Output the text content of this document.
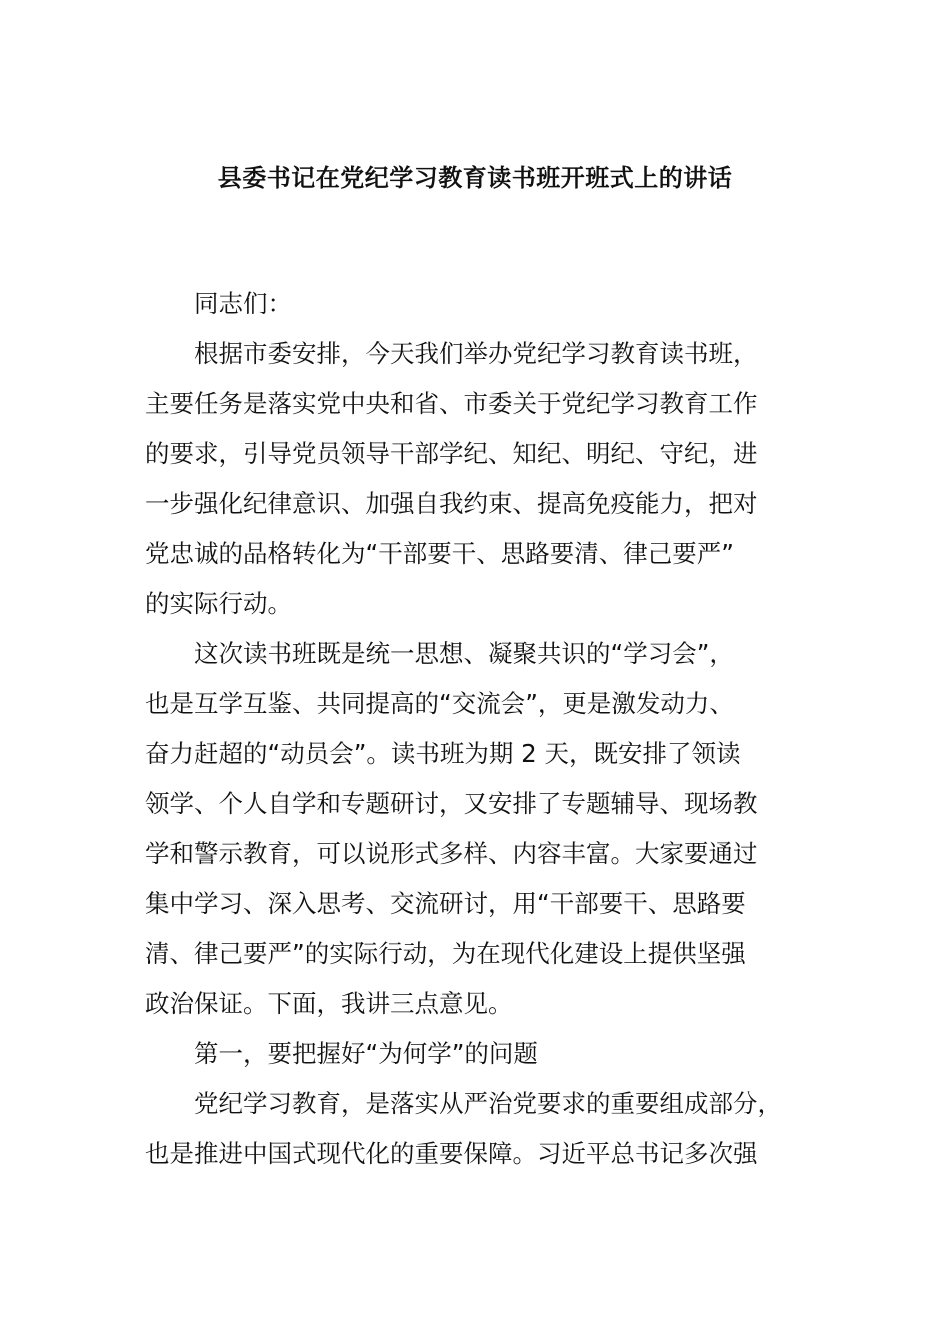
县委书记在党纪学习教育读书班开班式上的讲话
同志们：
根据市委安排，今天我们举办党纪学习教育读书班，
主要任务是落实党中央和省、市委关于党纪学习教育工作
的要求，引导党员领导干部学纪、知纪、明纪、守纪，进
一步强化纪律意识、加强自我约束、提高免疫能力，把对
党忠诚的品格转化为“干部要干、思路要清、律己要严”
的实际行动。
这次读书班既是统一思想、凝聚共识的“学习会”，
也是互学互鉴、共同提高的“交流会”，更是激发动力、
奋力赶超的“动员会”。读书班为期 2 天，既安排了领读
领学、个人自学和专题研讨，又安排了专题辅导、现场教
学和警示教育，可以说形式多样、内容丰富。大家要通过
集中学习、深入思考、交流研讨，用“干部要干、思路要
清、律己要严”的实际行动，为在现代化建设上提供坚强
政治保证。下面，我讲三点意见。
第一，要把握好“为何学”的问题
党纪学习教育，是落实从严治党要求的重要组成部分，
也是推进中国式现代化的重要保障。习近平总书记多次强
